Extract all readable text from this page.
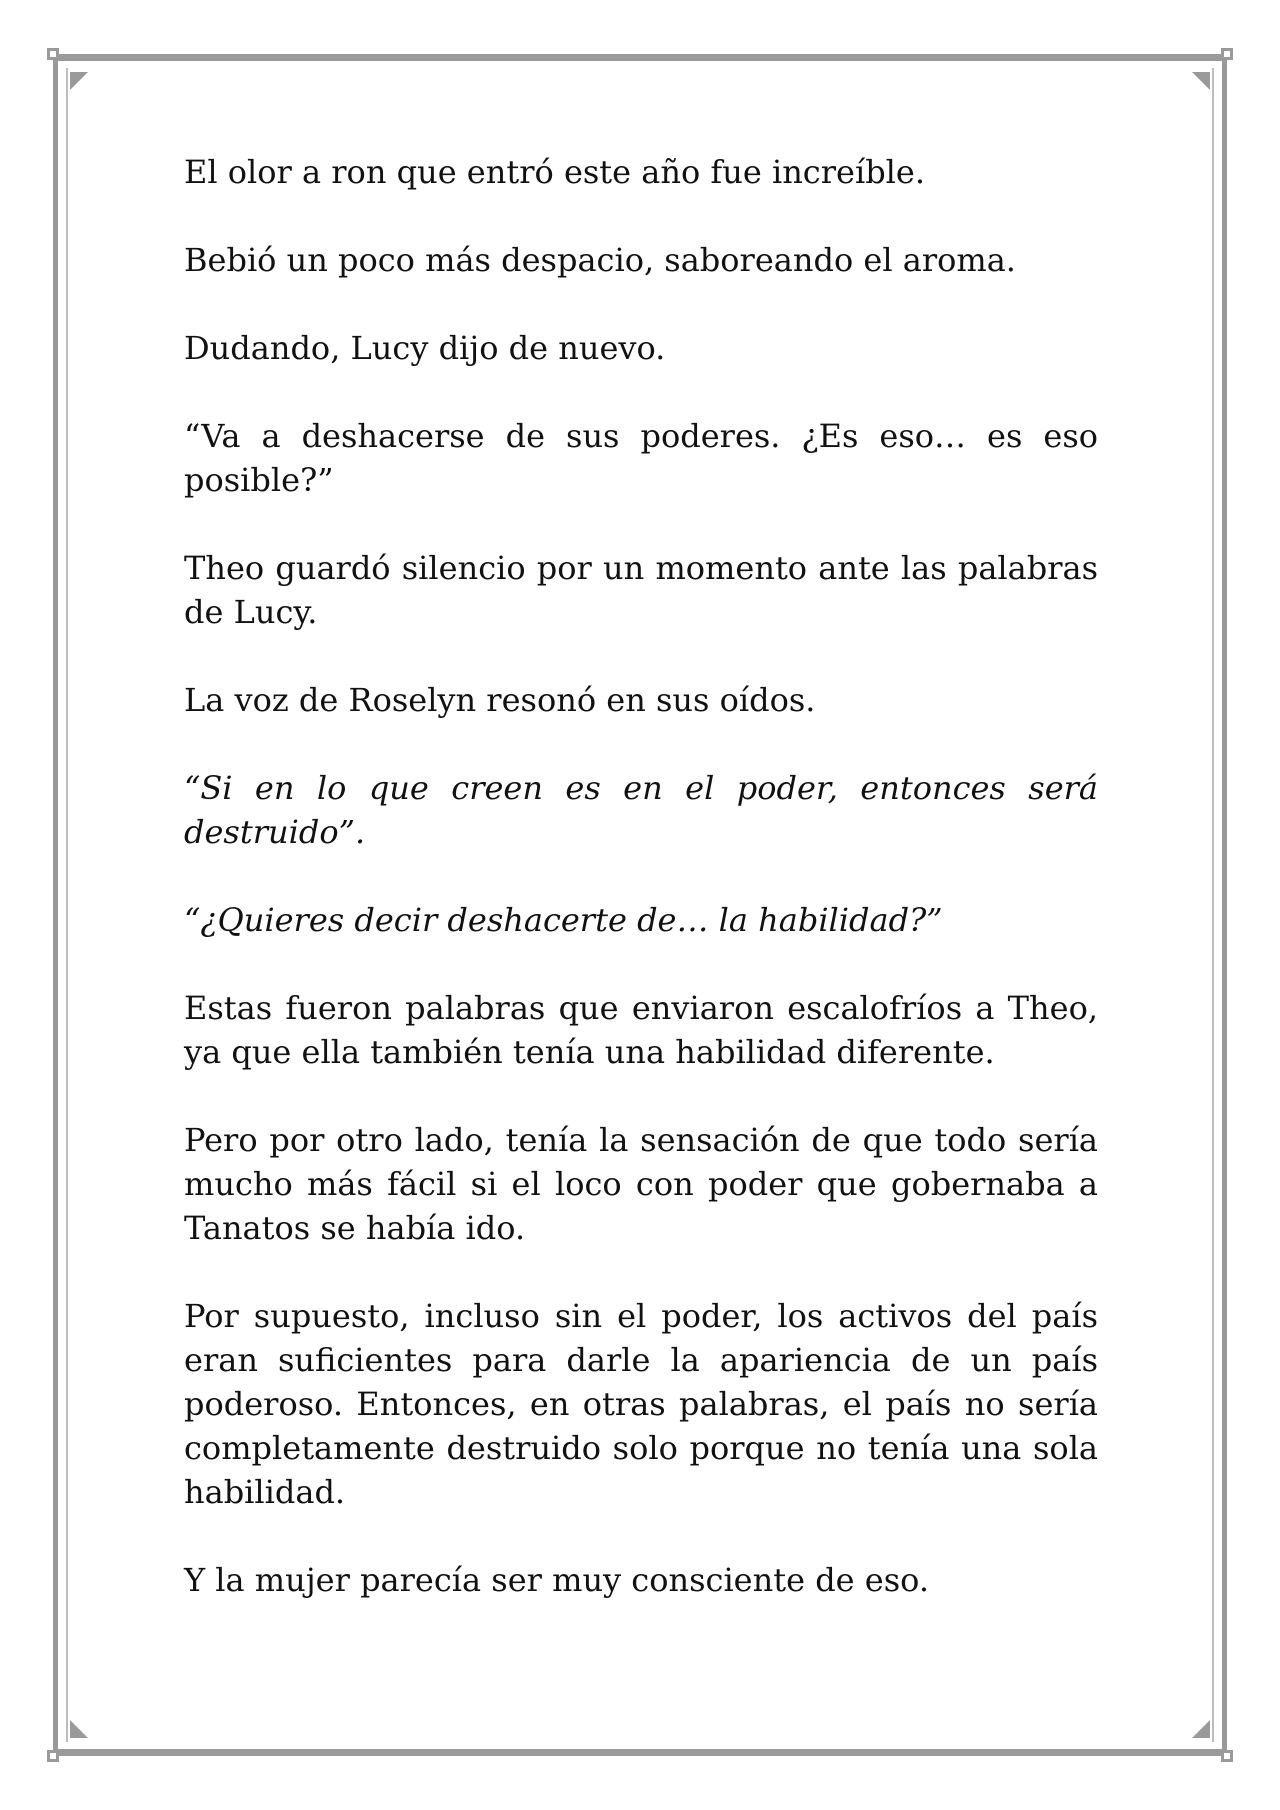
El olor a ron que entró este año fue increíble.

Bebió un poco más despacio, saboreando el aroma.

Dudando, Lucy dijo de nuevo.

“Va a deshacerse de sus poderes. ¿Es eso… es eso posible?”

Theo guardó silencio por un momento ante las palabras de Lucy.

La voz de Roselyn resonó en sus oídos.

“Si en lo que creen es en el poder, entonces será destruido”.

“¿Quieres decir deshacerte de… la habilidad?”

Estas fueron palabras que enviaron escalofríos a Theo, ya que ella también tenía una habilidad diferente.

Pero por otro lado, tenía la sensación de que todo sería mucho más fácil si el loco con poder que gobernaba a Tanatos se había ido.

Por supuesto, incluso sin el poder, los activos del país eran suficientes para darle la apariencia de un país poderoso. Entonces, en otras palabras, el país no sería completamente destruido solo porque no tenía una sola habilidad.

Y la mujer parecía ser muy consciente de eso.
